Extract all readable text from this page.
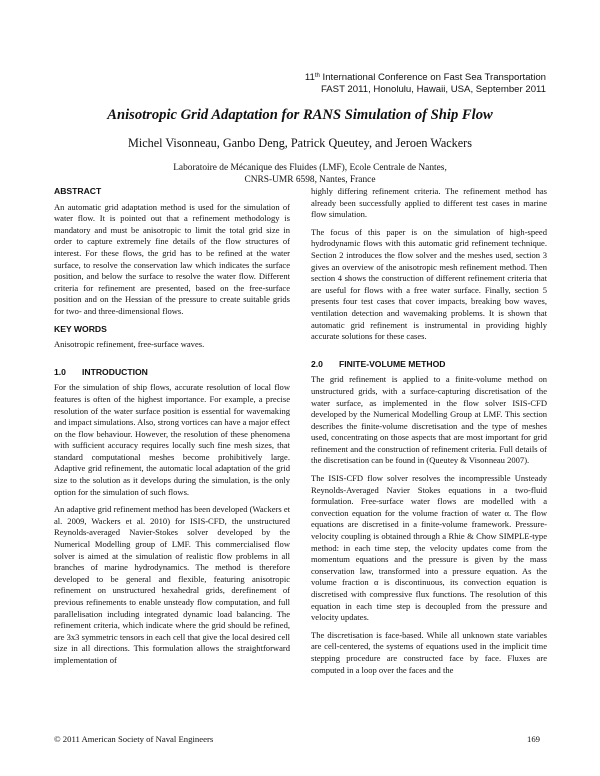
11th International Conference on Fast Sea Transportation
FAST 2011, Honolulu, Hawaii, USA, September 2011
Anisotropic Grid Adaptation for RANS Simulation of Ship Flow
Michel Visonneau, Ganbo Deng, Patrick Queutey, and Jeroen Wackers
Laboratoire de Mécanique des Fluides (LMF), Ecole Centrale de Nantes,
CNRS-UMR 6598, Nantes, France
ABSTRACT

An automatic grid adaptation method is used for the simulation of water flow. It is pointed out that a refinement methodology is mandatory and must be anisotropic to limit the total grid size in order to capture extremely fine details of the flow structures of interest. For these flows, the grid has to be refined at the water surface, to resolve the conservation law which indicates the surface position, and below the surface to resolve the water flow. Different criteria for refinement are presented, based on the free-surface position and on the Hessian of the pressure to create suitable grids for two- and three-dimensional flows.

KEY WORDS

Anisotropic refinement, free-surface waves.

1.0 INTRODUCTION

For the simulation of ship flows, accurate resolution of local flow features is often of the highest importance. For example, a precise resolution of the water surface position is essential for wavemaking and impact simulations. Also, strong vortices can have a major effect on the flow behaviour. However, the resolution of these phenomena with sufficient accuracy requires locally such fine mesh sizes, that standard computational meshes become prohibitively large. Adaptive grid refinement, the automatic local adaptation of the grid size to the solution as it develops during the simulation, is the only option for the simulation of such flows.

An adaptive grid refinement method has been developed (Wackers et al. 2009, Wackers et al. 2010) for ISIS-CFD, the unstructured Reynolds-averaged Navier-Stokes solver developed by the Numerical Modelling group of LMF. This commercialised flow solver is aimed at the simulation of realistic flow problems in all branches of marine hydrodynamics. The method is therefore developed to be general and flexible, featuring anisotropic refinement on unstructured hexahedral grids, derefinement of previous refinements to enable unsteady flow computation, and full parallelisation including integrated dynamic load balancing. The refinement criteria, which indicate where the grid should be refined, are 3x3 symmetric tensors in each cell that give the local desired cell size in all directions. This formulation allows the straightforward implementation of

highly differing refinement criteria. The refinement method has already been successfully applied to different test cases in marine flow simulation.

The focus of this paper is on the simulation of high-speed hydrodynamic flows with this automatic grid refinement technique. Section 2 introduces the flow solver and the meshes used, section 3 gives an overview of the anisotropic mesh refinement method. Then section 4 shows the construction of different refinement criteria that are useful for flows with a free water surface. Finally, section 5 presents four test cases that cover impacts, breaking bow waves, ventilation detection and wavemaking problems. It is shown that automatic grid refinement is instrumental in providing highly accurate solutions for these cases.

2.0 FINITE-VOLUME METHOD

The grid refinement is applied to a finite-volume method on unstructured grids, with a surface-capturing discretisation of the water surface, as implemented in the flow solver ISIS-CFD developed by the Numerical Modelling Group at LMF. This section describes the finite-volume discretisation and the type of meshes used, concentrating on those aspects that are most important for grid refinement and the construction of refinement criteria. Full details of the discretisation can be found in (Queutey & Visonneau 2007).

The ISIS-CFD flow solver resolves the incompressible Unsteady Reynolds-Averaged Navier Stokes equations in a two-fluid formulation. Free-surface water flows are modelled with a convection equation for the volume fraction of water α. The flow equations are discretised in a finite-volume framework. Pressure-velocity coupling is obtained through a Rhie & Chow SIMPLE-type method: in each time step, the velocity updates come from the momentum equations and the pressure is given by the mass conservation law, transformed into a pressure equation. As the volume fraction α is discontinuous, its convection equation is discretised with compressive flux functions. The resolution of this equation in each time step is decoupled from the pressure and velocity updates.

The discretisation is face-based. While all unknown state variables are cell-centered, the systems of equations used in the implicit time stepping procedure are constructed face by face. Fluxes are computed in a loop over the faces and the

© 2011 American Society of Naval Engineers	169
